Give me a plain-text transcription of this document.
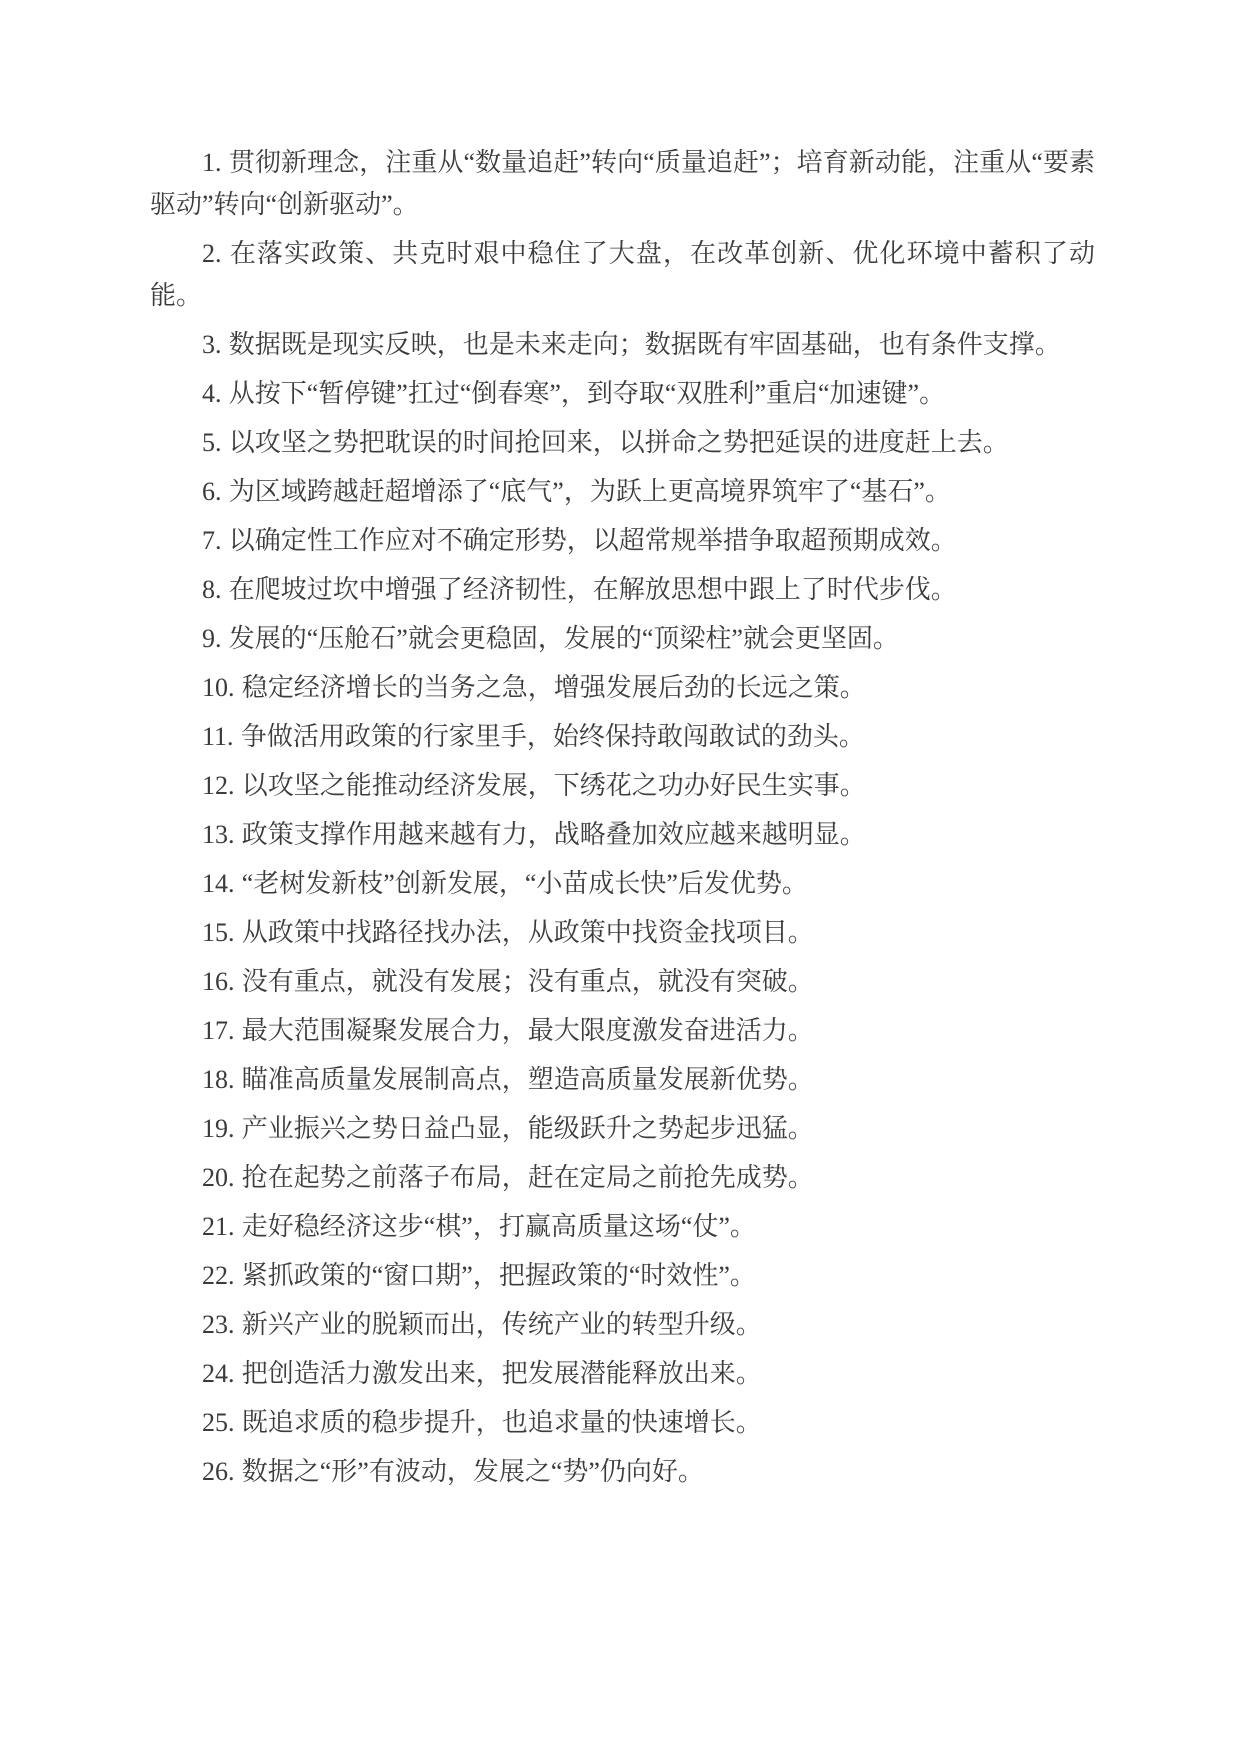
1. 贯彻新理念，注重从“数量追赶”转向“质量追赶”；培育新动能，注重从“要素驱动”转向“创新驱动”。

2. 在落实政策、共克时艰中稳住了大盘，在改革创新、优化环境中蓄积了动能。

3. 数据既是现实反映，也是未来走向；数据既有牢固基础，也有条件支撑。

4. 从按下“暂停键”扛过“倒春寒”，到夺取“双胜利”重启“加速键”。

5. 以攻坚之势把耽误的时间抢回来，以拼命之势把延误的进度赶上去。

6. 为区域跨越赶超增添了“底气”，为跃上更高境界筑牢了“基石”。

7. 以确定性工作应对不确定形势，以超常规举措争取超预期成效。

8. 在爬坡过坎中增强了经济韧性，在解放思想中跟上了时代步伐。

9. 发展的“压舱石”就会更稳固，发展的“顶梁柱”就会更坚固。

10. 稳定经济增长的当务之急，增强发展后劲的长远之策。

11. 争做活用政策的行家里手，始终保持敢闯敢试的劲头。

12. 以攻坚之能推动经济发展，下绣花之功办好民生实事。

13. 政策支撑作用越来越有力，战略叠加效应越来越明显。

14. “老树发新枝”创新发展，“小苗成长快”后发优势。

15. 从政策中找路径找办法，从政策中找资金找项目。

16. 没有重点，就没有发展；没有重点，就没有突破。

17. 最大范围凝聚发展合力，最大限度激发奋进活力。

18. 瞄准高质量发展制高点，塑造高质量发展新优势。

19. 产业振兴之势日益凸显，能级跃升之势起步迅猛。

20. 抢在起势之前落子布局，赶在定局之前抢先成势。

21. 走好稳经济这步“棋”，打赢高质量这场“仗”。

22. 紧抓政策的“窗口期”，把握政策的“时效性”。

23. 新兴产业的脱颖而出，传统产业的转型升级。

24. 把创造活力激发出来，把发展潜能释放出来。

25. 既追求质的稳步提升，也追求量的快速增长。

26. 数据之“形”有波动，发展之“势”仍向好。
